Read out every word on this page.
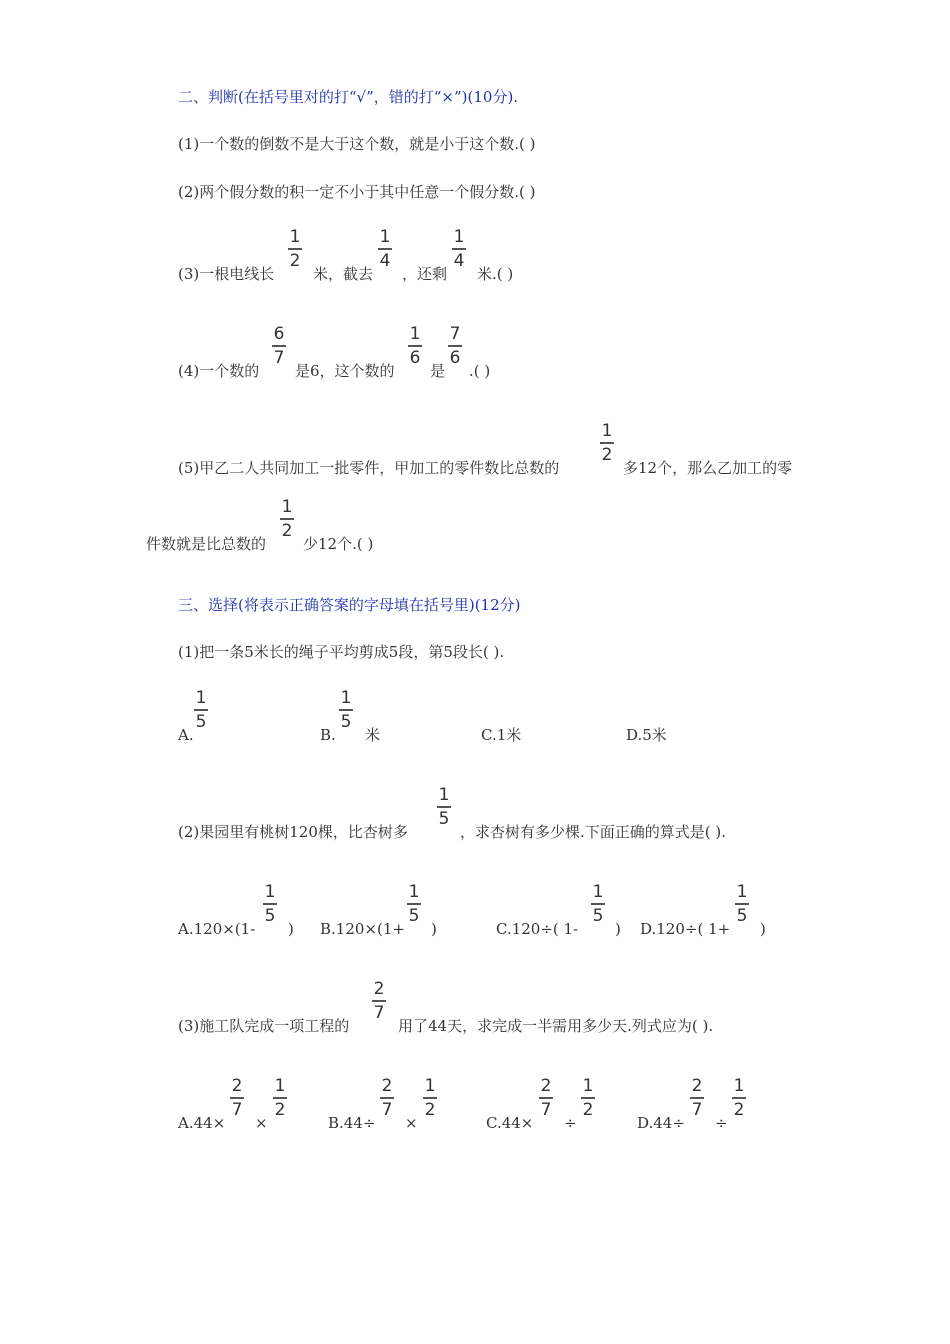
二、判断(在括号里对的打“√”，错的打“×”)(10分).
(1)一个数的倒数不是大于这个数，就是小于这个数.( )
(2)两个假分数的积一定不小于其中任意一个假分数.( )
(3)一根电线长
1
2
米，截去
1
4
，还剩
1
4
米.( )
(4)一个数的
6
7
是6，这个数的
1
6
是
7
6
.( )
(5)甲乙二人共同加工一批零件，甲加工的零件数比总数的
1
2
多12个，那么乙加工的零
件数就是比总数的
1
2
少12个.( )
三、选择(将表示正确答案的字母填在括号里)(12分)
(1)把一条5米长的绳子平均剪成5段，第5段长( ).
A.
1
5
B.
1
5
米	C.1米	D.5米
(2)果园里有桃树120棵，比杏树多
1
5
，求杏树有多少棵.下面正确的算式是( ).
A.120×(1-
1
5
) B.120×(1+
1
5
)	C.120÷( 1-
1
5
) D.120÷( 1+
1
5
)
(3)施工队完成一项工程的
2
7
用了44天，求完成一半需用多少天.列式应为( ).
A.44×
2
7
×
1
2
B.44÷
2
7
×
1
2
C.44×
2
7
÷
1
2
D.44÷
2
7
÷
1
2
